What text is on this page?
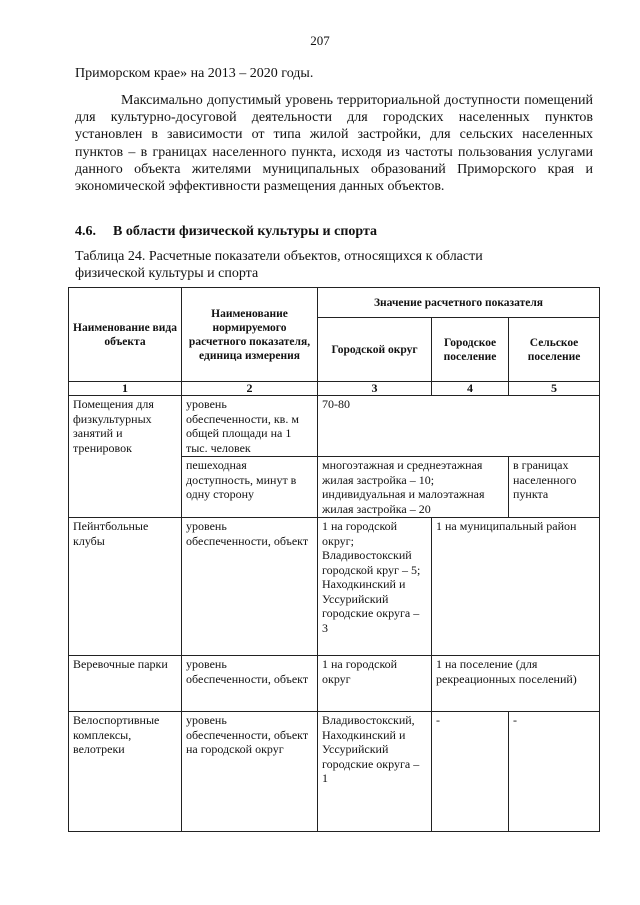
207
Приморском крае» на 2013 – 2020 годы.
Максимально допустимый уровень территориальной доступности помещений для культурно-досуговой деятельности для городских населенных пунктов установлен в зависимости от типа жилой застройки, для сельских населенных пунктов – в границах населенного пункта, исходя из частоты пользования услугами данного объекта жителями муниципальных образований Приморского края и экономической эффективности размещения данных объектов.
4.6. В области физической культуры и спорта
Таблица 24. Расчетные показатели объектов, относящихся к области физической культуры и спорта
Наименование вида объекта	Наименование нормируемого расчетного показателя, единица измерения	Значение расчетного показателя		
		Городской округ	Городское поселение	Сельское поселение
1	2	3	4	5
Помещения для физкультурных занятий и тренировок	уровень обеспеченности, кв. м общей площади на 1 тыс. человек	70-80		
	пешеходная доступность, минут в одну сторону	многоэтажная и среднеэтажная жилая застройка – 10; индивидуальная и малоэтажная жилая застройка – 20		в границах населенного пункта
Пейнтбольные клубы	уровень обеспеченности, объект	1 на городской округ; Владивостокский городской круг – 5; Находкинский и Уссурийский городские округа – 3	1 на муниципальный район	
Веревочные парки	уровень обеспеченности, объект	1 на городской округ	1 на поселение (для рекреационных поселений)	
Велоспортивные комплексы, велотреки	уровень обеспеченности, объект на городской округ	Владивостокский, Находкинский и Уссурийский городские округа – 1	-	-
